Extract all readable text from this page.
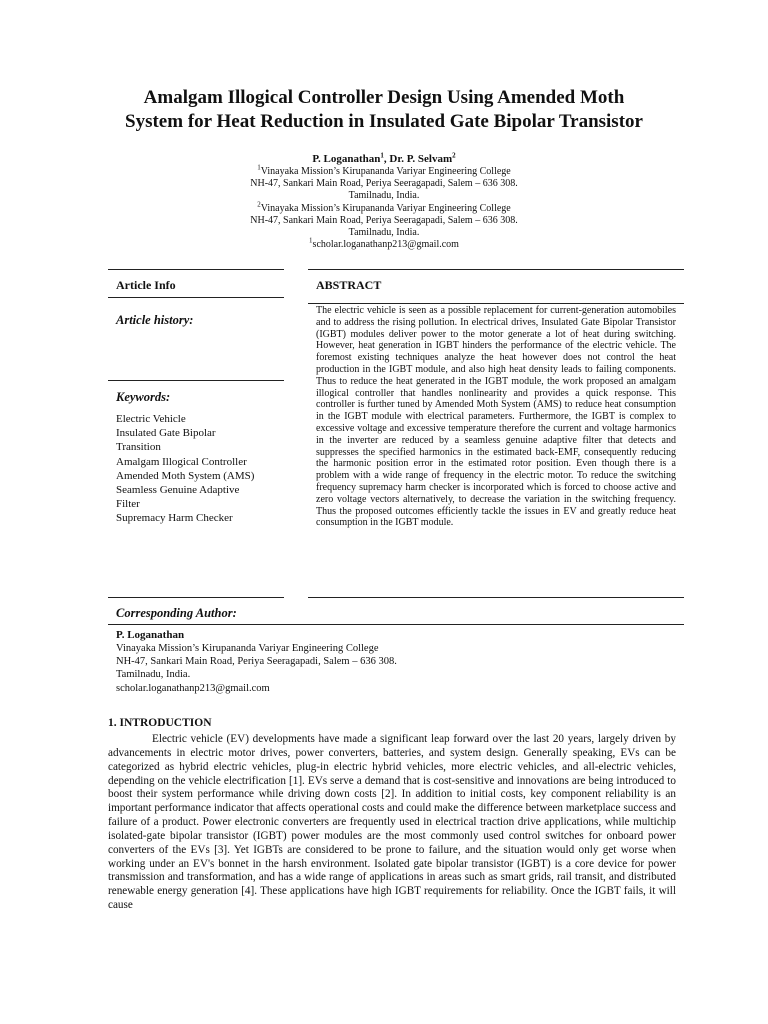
Amalgam Illogical Controller Design Using Amended Moth
System for Heat Reduction in Insulated Gate Bipolar Transistor
P. Loganathan$^1$, Dr. P. Selvam$^2$
$^1$Vinayaka Mission’s Kirupananda Variyar Engineering College
NH-47, Sankari Main Road, Periya Seeragapadi, Salem – 636 308.
Tamilnadu, India.
$^2$Vinayaka Mission’s Kirupananda Variyar Engineering College
NH-47, Sankari Main Road, Periya Seeragapadi, Salem – 636 308.
Tamilnadu, India.
$^1$scholar.loganathanp213@gmail.com
Article Info	ABSTRACT
Article history:
Keywords:
Electric Vehicle
Insulated Gate Bipolar
Transition
Amalgam Illogical Controller
Amended Moth System (AMS)
Seamless Genuine Adaptive
Filter
Supremacy Harm Checker
The electric vehicle is seen as a possible replacement for current-generation automobiles and to address the rising pollution. In electrical drives, Insulated Gate Bipolar Transistor (IGBT) modules deliver power to the motor generate a lot of heat during switching. However, heat generation in IGBT hinders the performance of the electric vehicle. The foremost existing techniques analyze the heat however does not control the heat production in the IGBT module, and also high heat density leads to failing components. Thus to reduce the heat generated in the IGBT module, the work proposed an amalgam illogical controller that handles nonlinearity and provides a quick response. This controller is further tuned by Amended Moth System (AMS) to reduce heat consumption in the IGBT module with electrical parameters. Furthermore, the IGBT is complex to excessive voltage and excessive temperature therefore the current and voltage harmonics in the inverter are reduced by a seamless genuine adaptive filter that detects and suppresses the specified harmonics in the estimated back-EMF, consequently reducing the harmonic position error in the estimated rotor position. Even though there is a problem with a wide range of frequency in the electric motor. To reduce the switching frequency supremacy harm checker is incorporated which is forced to choose active and zero voltage vectors alternatively, to decrease the variation in the switching frequency. Thus the proposed outcomes efficiently tackle the issues in EV and greatly reduce heat consumption in the IGBT module.
Corresponding Author:
P. Loganathan
Vinayaka Mission’s Kirupananda Variyar Engineering College
NH-47, Sankari Main Road, Periya Seeragapadi, Salem – 636 308.
Tamilnadu, India.
scholar.loganathanp213@gmail.com
1. INTRODUCTION
Electric vehicle (EV) developments have made a significant leap forward over the last 20 years, largely driven by advancements in electric motor drives, power converters, batteries, and system design. Generally speaking, EVs can be categorized as hybrid electric vehicles, plug-in electric hybrid vehicles, more electric vehicles, and all-electric vehicles, depending on the vehicle electrification [1]. EVs serve a demand that is cost-sensitive and innovations are being introduced to boost their system performance while driving down costs [2]. In addition to initial costs, key component reliability is an important performance indicator that affects operational costs and could make the difference between marketplace success and failure of a product. Power electronic converters are frequently used in electrical traction drive applications, while multichip isolated-gate bipolar transistor (IGBT) power modules are the most commonly used control switches for onboard power converters of the EVs [3]. Yet IGBTs are considered to be prone to failure, and the situation would only get worse when working under an EV's bonnet in the harsh environment. Isolated gate bipolar transistor (IGBT) is a core device for power transmission and transformation, and has a wide range of applications in areas such as smart grids, rail transit, and distributed renewable energy generation [4]. These applications have high IGBT requirements for reliability. Once the IGBT fails, it will cause
